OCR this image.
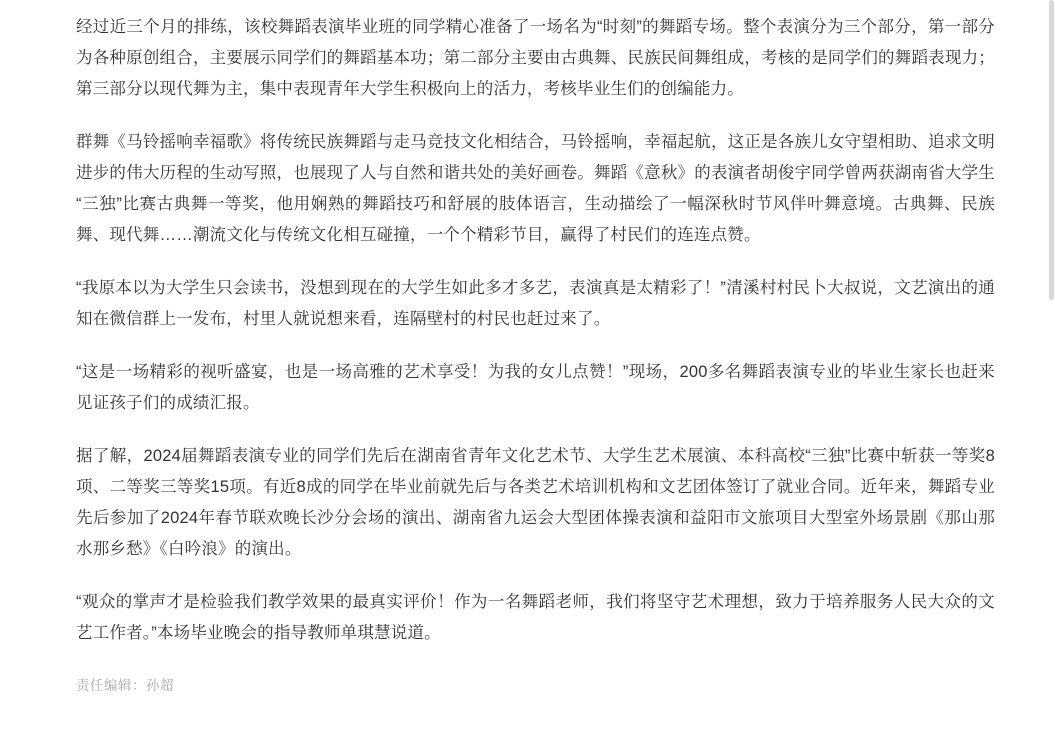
经过近三个月的排练，该校舞蹈表演毕业班的同学精心准备了一场名为“时刻”的舞蹈专场。整个表演分为三个部分，第一部分为各种原创组合，主要展示同学们的舞蹈基本功；第二部分主要由古典舞、民族民间舞组成，考核的是同学们的舞蹈表现力；第三部分以现代舞为主，集中表现青年大学生积极向上的活力，考核毕业生们的创编能力。

群舞《马铃摇响幸福歌》将传统民族舞蹈与走马竞技文化相结合，马铃摇响，幸福起航，这正是各族儿女守望相助、追求文明进步的伟大历程的生动写照，也展现了人与自然和谐共处的美好画卷。舞蹈《意秋》的表演者胡俊宇同学曾两获湖南省大学生“三独”比赛古典舞一等奖，他用娴熟的舞蹈技巧和舒展的肢体语言，生动描绘了一幅深秋时节风伴叶舞意境。古典舞、民族舞、现代舞……潮流文化与传统文化相互碰撞，一个个精彩节目，赢得了村民们的连连点赞。

“我原本以为大学生只会读书，没想到现在的大学生如此多才多艺，表演真是太精彩了！”清溪村村民卜大叔说，文艺演出的通知在微信群上一发布，村里人就说想来看，连隔壁村的村民也赶过来了。

“这是一场精彩的视听盛宴，也是一场高雅的艺术享受！为我的女儿点赞！”现场，200多名舞蹈表演专业的毕业生家长也赶来见证孩子们的成绩汇报。

据了解，2024届舞蹈表演专业的同学们先后在湖南省青年文化艺术节、大学生艺术展演、本科高校“三独”比赛中斩获一等奖8项、二等奖三等奖15项。有近8成的同学在毕业前就先后与各类艺术培训机构和文艺团体签订了就业合同。近年来，舞蹈专业先后参加了2024年春节联欢晚长沙分会场的演出、湖南省九运会大型团体操表演和益阳市文旅项目大型室外场景剧《那山那水那乡愁》《白吟浪》的演出。

“观众的掌声才是检验我们教学效果的最真实评价！作为一名舞蹈老师，我们将坚守艺术理想，致力于培养服务人民大众的文艺工作者。”本场毕业晚会的指导教师单琪慧说道。

责任编辑：孙超
